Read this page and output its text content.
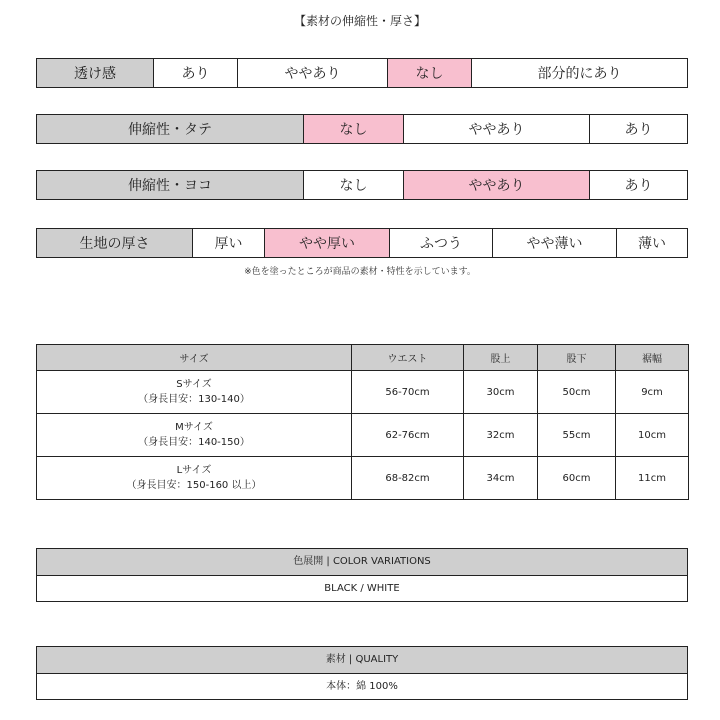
【素材の伸縮性・厚さ】
透け感	あり	ややあり	なし	部分的にあり
伸縮性・タテ	なし	ややあり	あり
伸縮性・ヨコ	なし	ややあり	あり
生地の厚さ	厚い	やや厚い	ふつう	やや薄い	薄い
※色を塗ったところが商品の素材・特性を示しています。
サイズ	ウエスト	股上	股下	裾幅

Sサイズ
（身長目安：130-140）	56-70cm	30cm	50cm	9cm

Mサイズ
（身長目安：140-150）	62-76cm	32cm	55cm	10cm

Lサイズ
（身長目安：150-160 以上）	68-82cm	34cm	60cm	11cm
色展開 | COLOR VARIATIONS
BLACK / WHITE
素材 | QUALITY
本体：綿 100%
